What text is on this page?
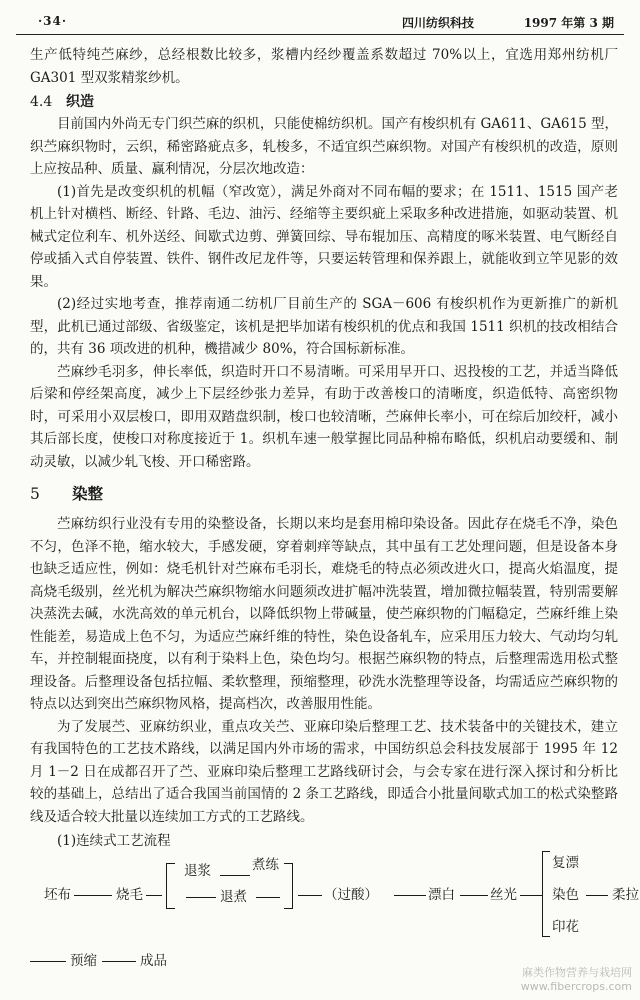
·34·	四川纺织科技	1997 年第 3 期

生产低特纯苎麻纱，总经根数比较多，浆槽内经纱覆盖系数超过 70%以上，宜选用郑州纺机厂 GA301 型双浆精浆纱机。

4.4 织造

目前国内外尚无专门织苎麻的织机，只能使棉纺织机。国产有梭织机有 GA611、GA615 型，织苎麻织物时，云织，稀密路疵点多，轧梭多，不适宜织苎麻织物。对国产有梭织机的改造，原则上应按品种、质量、赢利情况，分层次地改造：

(1)首先是改变织机的机幅（窄改宽），满足外商对不同布幅的要求；在 1511、1515 国产老机上针对横档、断经、针路、毛边、油污、经缩等主要织疵上采取多种改进措施，如驱动装置、机械式定位利车、机外送经、间歇式边剪、弹簧回综、导布辊加压、高精度的啄米装置、电气断经自停或插入式自停装置、铁件、钢件改尼龙件等，只要运转管理和保养跟上，就能收到立竿见影的效果。

(2)经过实地考查，推荐南通二纺机厂目前生产的 SGA－606 有梭织机作为更新推广的新机型，此机已通过部级、省级鉴定，该机是把毕加诺有梭织机的优点和我国 1511 织机的技改相结合的，共有 36 项改进的机种，機措减少 80%，符合国标新标准。

苎麻纱毛羽多，伸长率低，织造时开口不易清晰。可采用早开口、迟投梭的工艺，并适当降低后梁和停经架高度，减少上下层经纱张力差异，有助于改善梭口的清晰度，织造低特、高密织物时，可采用小双层梭口，即用双踏盘织制，梭口也较清晰，苎麻伸长率小，可在综后加绞杆，减小其后部长度，使梭口对称度接近于 1。织机车速一般掌握比同品种棉布略低，织机启动要缓和、制动灵敏，以减少轧飞梭、开口稀密路。

5 染整

苎麻纺织行业没有专用的染整设备，长期以来均是套用棉印染设备。因此存在烧毛不净，染色不匀，色泽不艳，缩水较大，手感发硬，穿着刺痒等缺点，其中虽有工艺处理问题，但是设备本身也缺乏适应性，例如：烧毛机针对苎麻布毛羽长，难烧毛的特点必须改进火口，提高火焰温度，提高烧毛级别，丝光机为解决苎麻织物缩水问题须改进扩幅冲洗装置，增加微拉幅装置，特别需要解决蒸洗去碱，水洗高效的单元机台，以降低织物上带碱量，使苎麻织物的门幅稳定，苎麻纤维上染性能差，易造成上色不匀，为适应苎麻纤维的特性，染色设备轧车，应采用压力较大、气动均匀轧车，并控制辊面挠度，以有利于染料上色，染色均匀。根据苎麻织物的特点，后整理需选用松式整理设备。后整理设备包括拉幅、柔软整理，预缩整理，砂洗水洗整理等设备，均需适应苎麻织物的特点以达到突出苎麻织物风格，提高档次，改善服用性能。

为了发展苎、亚麻纺织业，重点攻关苎、亚麻印染后整理工艺、技术装备中的关键技术，建立有我国特色的工艺技术路线，以满足国内外市场的需求，中国纺织总会科技发展部于 1995 年 12 月 1－2 日在成都召开了苎、亚麻印染后整理工艺路线研讨会，与会专家在进行深入探讨和分析比较的基础上，总结出了适合我国当前国情的 2 条工艺路线，即适合小批量间歇式加工的松式染整路线及适合较大批量以连续加工方式的工艺路线。

(1)连续式工艺流程

坯布	烧毛
退浆	煮练
退煮	（过酸）	漂白	丝光
复漂
染色
印花
柔拉
预缩	成品
麻类作物营养与栽培网
www.fibercrops.com
